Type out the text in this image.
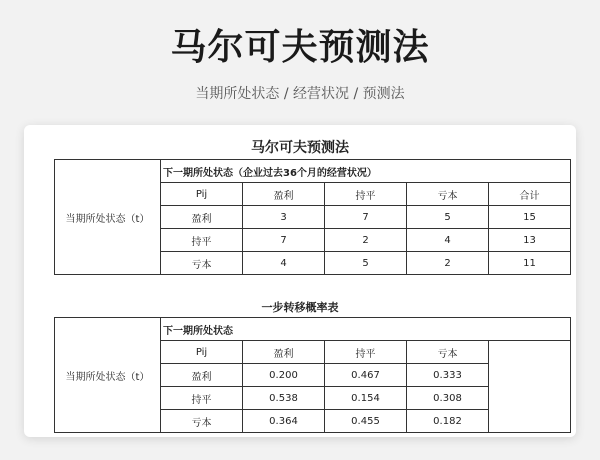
马尔可夫预测法
当期所处状态 / 经营状况 / 预测法
马尔可夫预测法
当期所处状态（t）	下一期所处状态（企业过去36个月的经营状况）				
	Pij	盈利	持平	亏本	合计
	盈利	3	7	5	15
	持平	7	2	4	13
	亏本	4	5	2	11
一步转移概率表
当期所处状态（t）	下一期所处状态				
	Pij	盈利	持平	亏本	
	盈利	0.200	0.467	0.333	
	持平	0.538	0.154	0.308	
	亏本	0.364	0.455	0.182	
